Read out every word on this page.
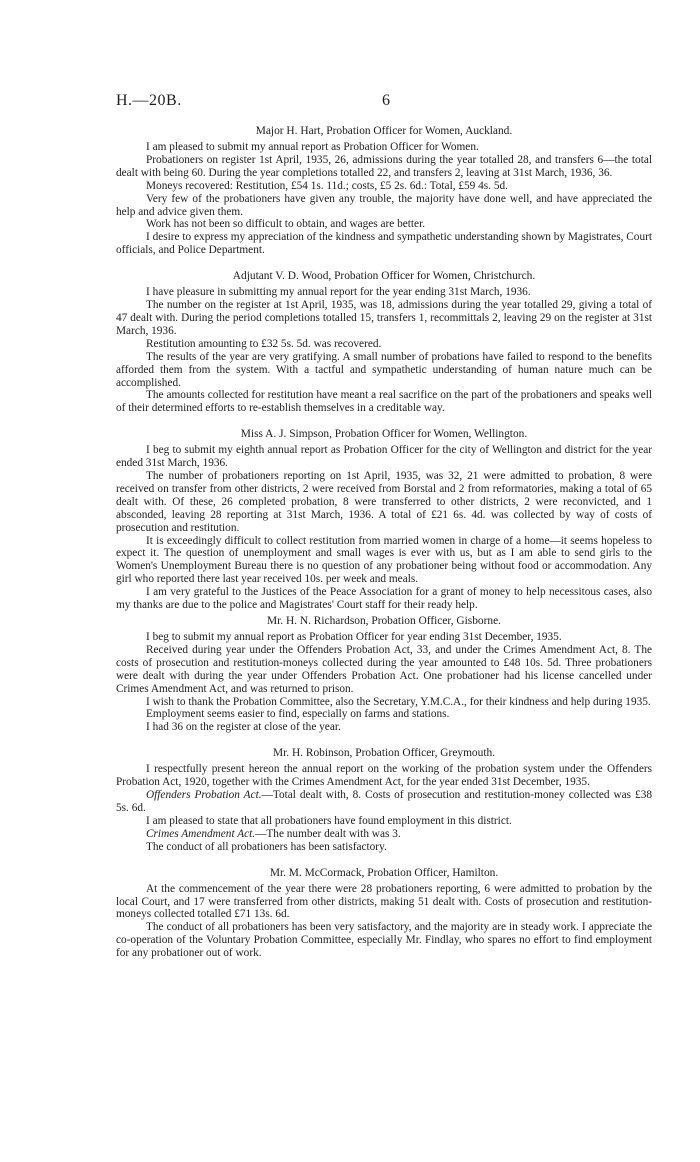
H.—20B.	6
Major H. Hart, Probation Officer for Women, Auckland.

I am pleased to submit my annual report as Probation Officer for Women.

Probationers on register 1st April, 1935, 26, admissions during the year totalled 28, and transfers 6—the total dealt with being 60. During the year completions totalled 22, and transfers 2, leaving at 31st March, 1936, 36.

Moneys recovered: Restitution, £54 1s. 11d.; costs, £5 2s. 6d.: Total, £59 4s. 5d.

Very few of the probationers have given any trouble, the majority have done well, and have appreciated the help and advice given them.

Work has not been so difficult to obtain, and wages are better.

I desire to express my appreciation of the kindness and sympathetic understanding shown by Magistrates, Court officials, and Police Department.

Adjutant V. D. Wood, Probation Officer for Women, Christchurch.

I have pleasure in submitting my annual report for the year ending 31st March, 1936.

The number on the register at 1st April, 1935, was 18, admissions during the year totalled 29, giving a total of 47 dealt with. During the period completions totalled 15, transfers 1, recommittals 2, leaving 29 on the register at 31st March, 1936.

Restitution amounting to £32 5s. 5d. was recovered.

The results of the year are very gratifying. A small number of probations have failed to respond to the benefits afforded them from the system. With a tactful and sympathetic understanding of human nature much can be accomplished.

The amounts collected for restitution have meant a real sacrifice on the part of the probationers and speaks well of their determined efforts to re-establish themselves in a creditable way.

Miss A. J. Simpson, Probation Officer for Women, Wellington.

I beg to submit my eighth annual report as Probation Officer for the city of Wellington and district for the year ended 31st March, 1936.

The number of probationers reporting on 1st April, 1935, was 32, 21 were admitted to probation, 8 were received on transfer from other districts, 2 were received from Borstal and 2 from reformatories, making a total of 65 dealt with. Of these, 26 completed probation, 8 were transferred to other districts, 2 were reconvicted, and 1 absconded, leaving 28 reporting at 31st March, 1936. A total of £21 6s. 4d. was collected by way of costs of prosecution and restitution.

It is exceedingly difficult to collect restitution from married women in charge of a home—it seems hopeless to expect it. The question of unemployment and small wages is ever with us, but as I am able to send girls to the Women's Unemployment Bureau there is no question of any probationer being without food or accommodation. Any girl who reported there last year received 10s. per week and meals.

I am very grateful to the Justices of the Peace Association for a grant of money to help necessitous cases, also my thanks are due to the police and Magistrates' Court staff for their ready help.

Mr. H. N. Richardson, Probation Officer, Gisborne.

I beg to submit my annual report as Probation Officer for year ending 31st December, 1935.

Received during year under the Offenders Probation Act, 33, and under the Crimes Amendment Act, 8. The costs of prosecution and restitution-moneys collected during the year amounted to £48 10s. 5d. Three probationers were dealt with during the year under Offenders Probation Act. One probationer had his license cancelled under Crimes Amendment Act, and was returned to prison.

I wish to thank the Probation Committee, also the Secretary, Y.M.C.A., for their kindness and help during 1935.

Employment seems easier to find, especially on farms and stations.

I had 36 on the register at close of the year.

Mr. H. Robinson, Probation Officer, Greymouth.

I respectfully present hereon the annual report on the working of the probation system under the Offenders Probation Act, 1920, together with the Crimes Amendment Act, for the year ended 31st December, 1935.

Offenders Probation Act.—Total dealt with, 8. Costs of prosecution and restitution-money collected was £38 5s. 6d.

I am pleased to state that all probationers have found employment in this district.

Crimes Amendment Act.—The number dealt with was 3.

The conduct of all probationers has been satisfactory.

Mr. M. McCormack, Probation Officer, Hamilton.

At the commencement of the year there were 28 probationers reporting, 6 were admitted to probation by the local Court, and 17 were transferred from other districts, making 51 dealt with. Costs of prosecution and restitution-moneys collected totalled £71 13s. 6d.

The conduct of all probationers has been very satisfactory, and the majority are in steady work. I appreciate the co-operation of the Voluntary Probation Committee, especially Mr. Findlay, who spares no effort to find employment for any probationer out of work.
